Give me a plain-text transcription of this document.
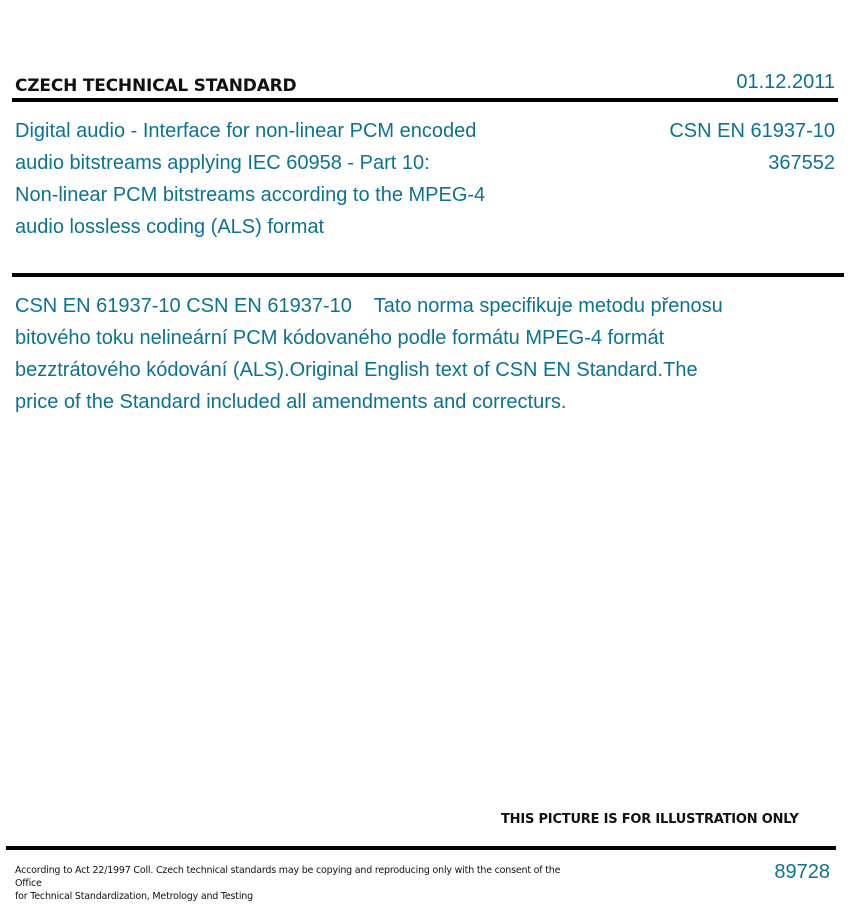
CZECH TECHNICAL STANDARD	01.12.2011
Digital audio - Interface for non-linear PCM encoded
audio bitstreams applying IEC 60958 - Part 10:
Non-linear PCM bitstreams according to the MPEG-4
audio lossless coding (ALS) format
CSN EN 61937-10
367552
CSN EN 61937-10 CSN EN 61937-10    Tato norma specifikuje metodu přenosu
bitového toku nelineární PCM kódovaného podle formátu MPEG-4 formát
bezztrátového kódování (ALS).Original English text of CSN EN Standard.The
price of the Standard included all amendments and correcturs.
THIS PICTURE IS FOR ILLUSTRATION ONLY
According to Act 22/1997 Coll. Czech technical standards may be copying and reproducing only with the consent of the Office
for Technical Standardization, Metrology and Testing
89728
